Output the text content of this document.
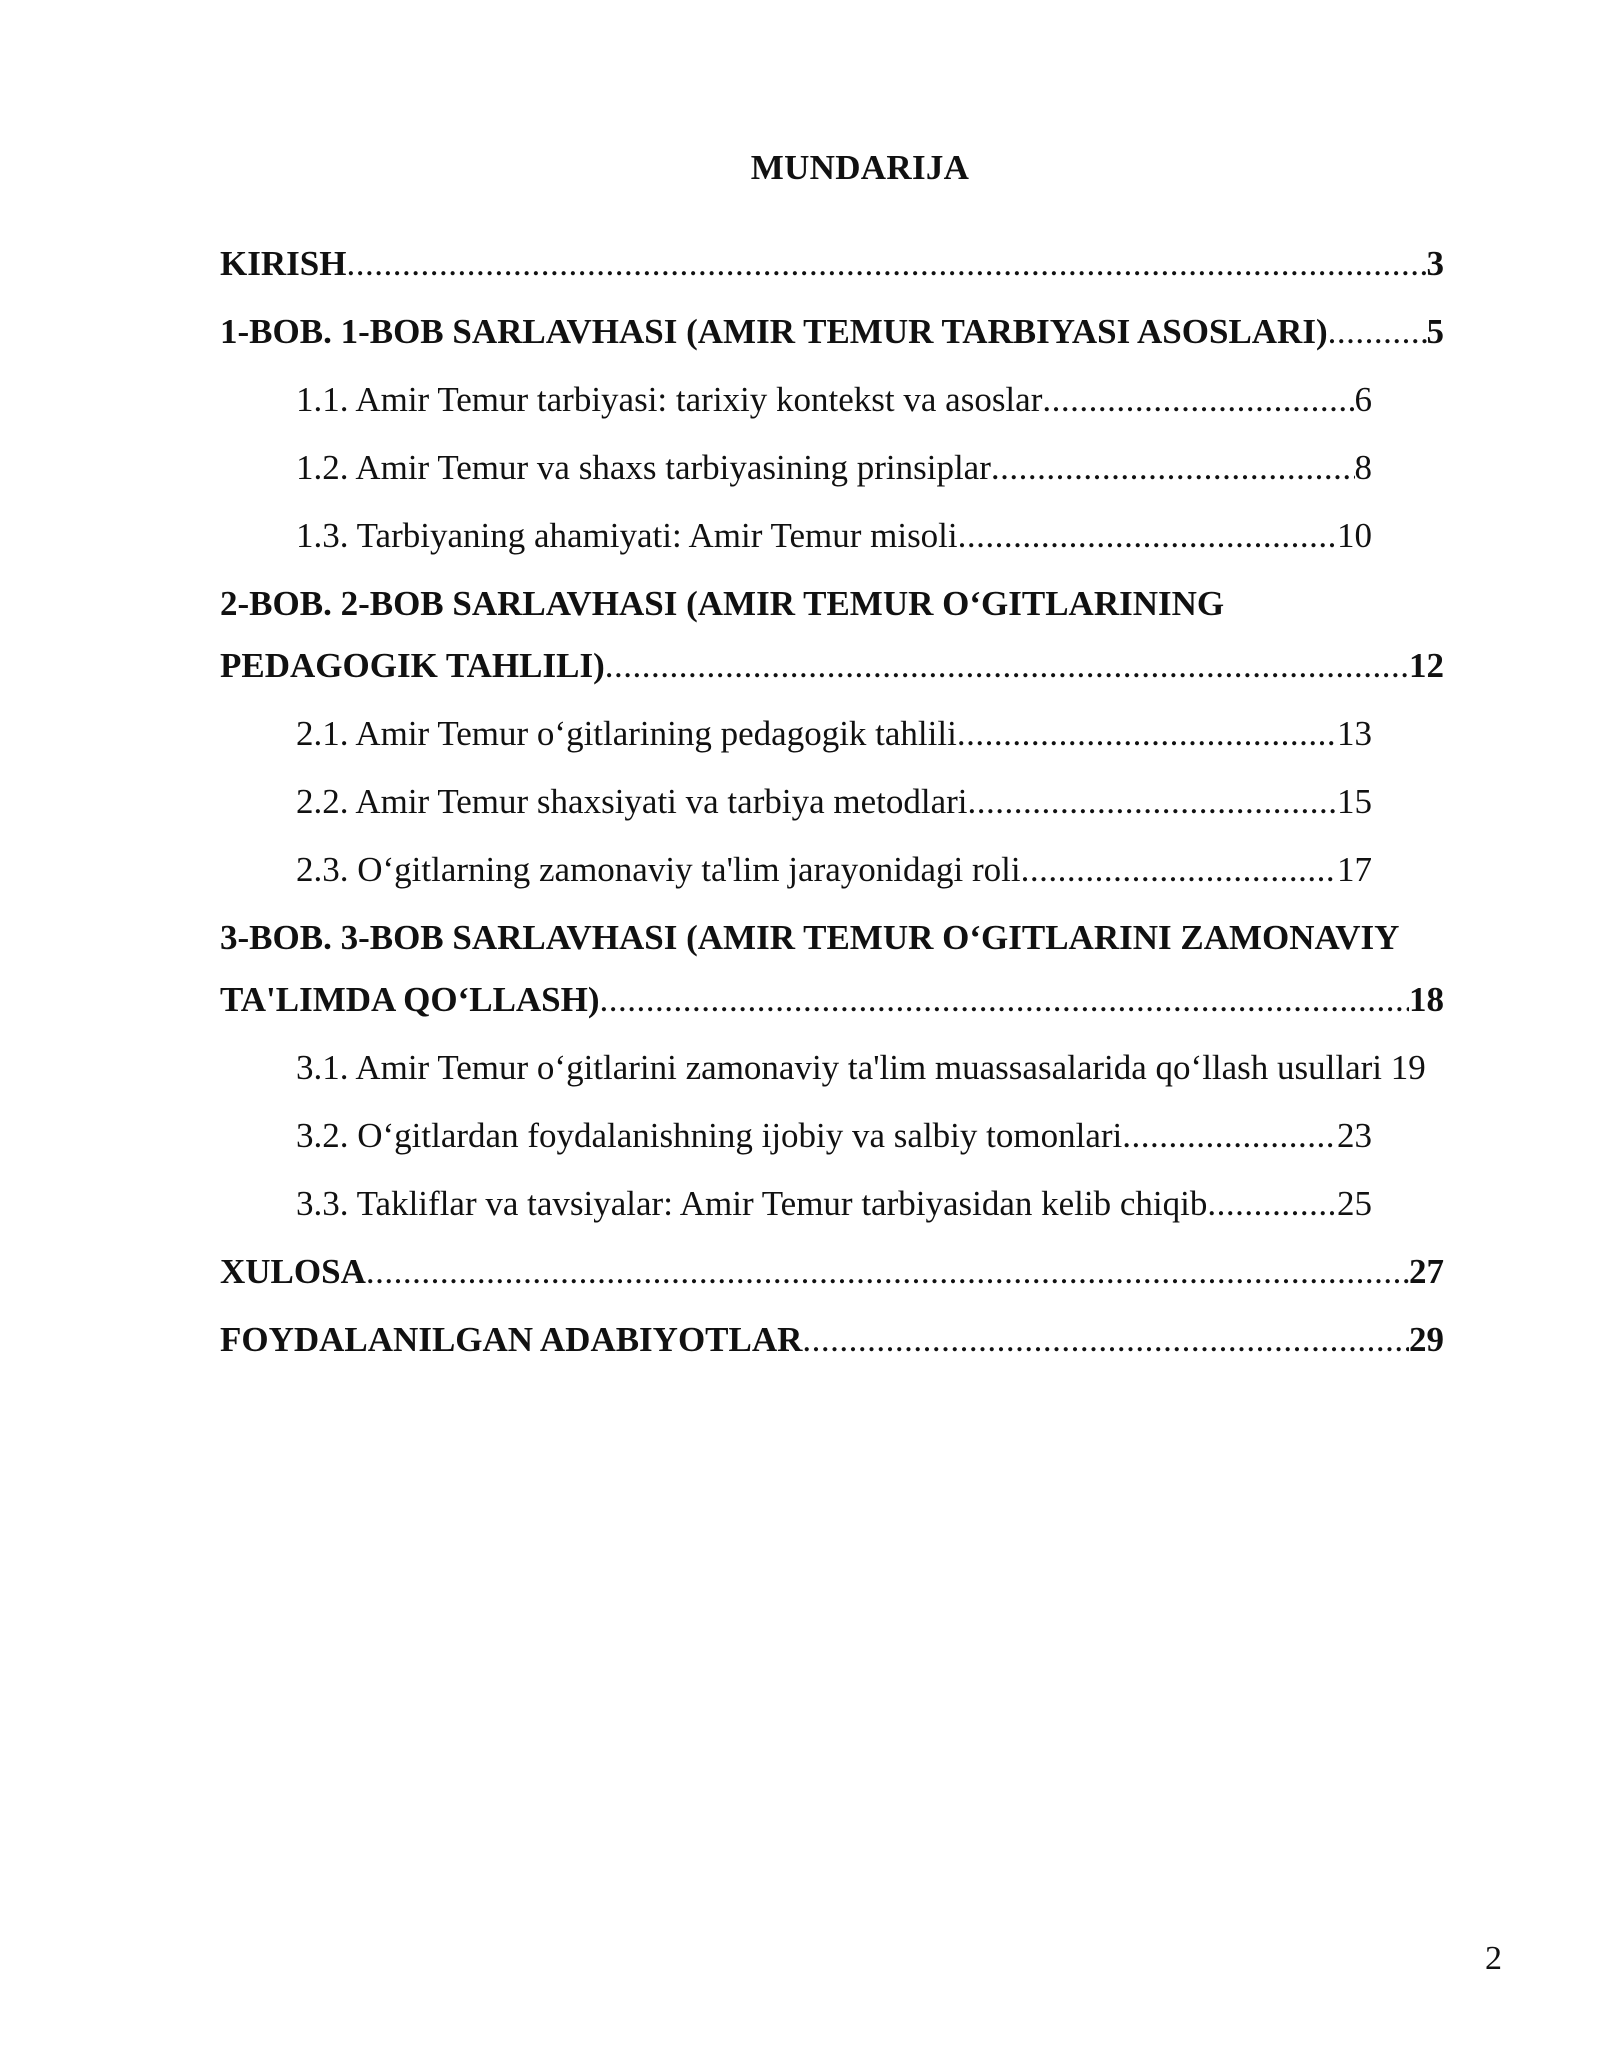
MUNDARIJA
KIRISH .....	3
1-BOB. 1-BOB SARLAVHASI (AMIR TEMUR TARBIYASI ASOSLARI) .....	5
1.1. Amir Temur tarbiyasi: tarixiy kontekst va asoslar .....	6
1.2. Amir Temur va shaxs tarbiyasining prinsiplar .....	8
1.3. Tarbiyaning ahamiyati: Amir Temur misoli .....	10
2-BOB. 2-BOB SARLAVHASI (AMIR TEMUR O‘GITLARINING
PEDAGOGIK TAHLILI) .....	12
2.1. Amir Temur o‘gitlarining pedagogik tahlili .....	13
2.2. Amir Temur shaxsiyati va tarbiya metodlari .....	15
2.3. O‘gitlarning zamonaviy ta'lim jarayonidagi roli .....	17
3-BOB. 3-BOB SARLAVHASI (AMIR TEMUR O‘GITLARINI ZAMONAVIY
TA'LIMDA QO‘LLASH) .....	18
3.1. Amir Temur o‘gitlarini zamonaviy ta'lim muassasalarida qo‘llash usullari 19
3.2. O‘gitlardan foydalanishning ijobiy va salbiy tomonlari .....	23
3.3. Takliflar va tavsiyalar: Amir Temur tarbiyasidan kelib chiqib .....	25
XULOSA .....	27
FOYDALANILGAN ADABIYOTLAR .....	29
2
